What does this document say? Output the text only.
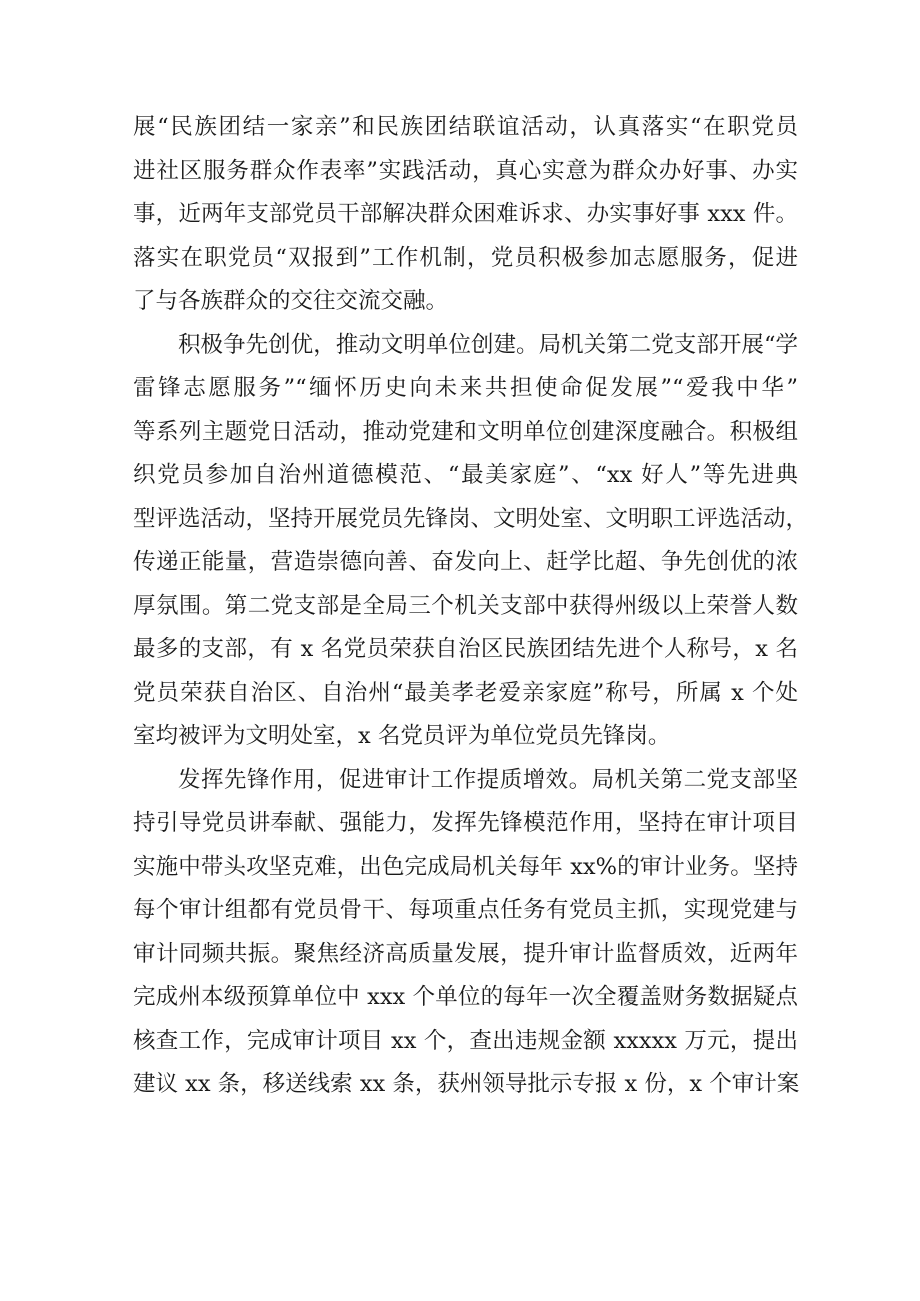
展“民族团结一家亲”和民族团结联谊活动，认真落实“在职党员
进社区服务群众作表率”实践活动，真心实意为群众办好事、办实
事，近两年支部党员干部解决群众困难诉求、办实事好事 xxx 件。
落实在职党员“双报到”工作机制，党员积极参加志愿服务，促进
了与各族群众的交往交流交融。
积极争先创优，推动文明单位创建。局机关第二党支部开展“学
雷锋志愿服务”“缅怀历史向未来共担使命促发展”“爱我中华”
等系列主题党日活动，推动党建和文明单位创建深度融合。积极组
织党员参加自治州道德模范、“最美家庭”、“xx 好人”等先进典
型评选活动，坚持开展党员先锋岗、文明处室、文明职工评选活动，
传递正能量，营造崇德向善、奋发向上、赶学比超、争先创优的浓
厚氛围。第二党支部是全局三个机关支部中获得州级以上荣誉人数
最多的支部，有 x 名党员荣获自治区民族团结先进个人称号，x 名
党员荣获自治区、自治州“最美孝老爱亲家庭”称号，所属 x 个处
室均被评为文明处室，x 名党员评为单位党员先锋岗。
发挥先锋作用，促进审计工作提质增效。局机关第二党支部坚
持引导党员讲奉献、强能力，发挥先锋模范作用，坚持在审计项目
实施中带头攻坚克难，出色完成局机关每年 xx%的审计业务。坚持
每个审计组都有党员骨干、每项重点任务有党员主抓，实现党建与
审计同频共振。聚焦经济高质量发展，提升审计监督质效，近两年
完成州本级预算单位中 xxx 个单位的每年一次全覆盖财务数据疑点
核查工作，完成审计项目 xx 个，查出违规金额 xxxxx 万元，提出
建议 xx 条，移送线索 xx 条，获州领导批示专报 x 份，x 个审计案
